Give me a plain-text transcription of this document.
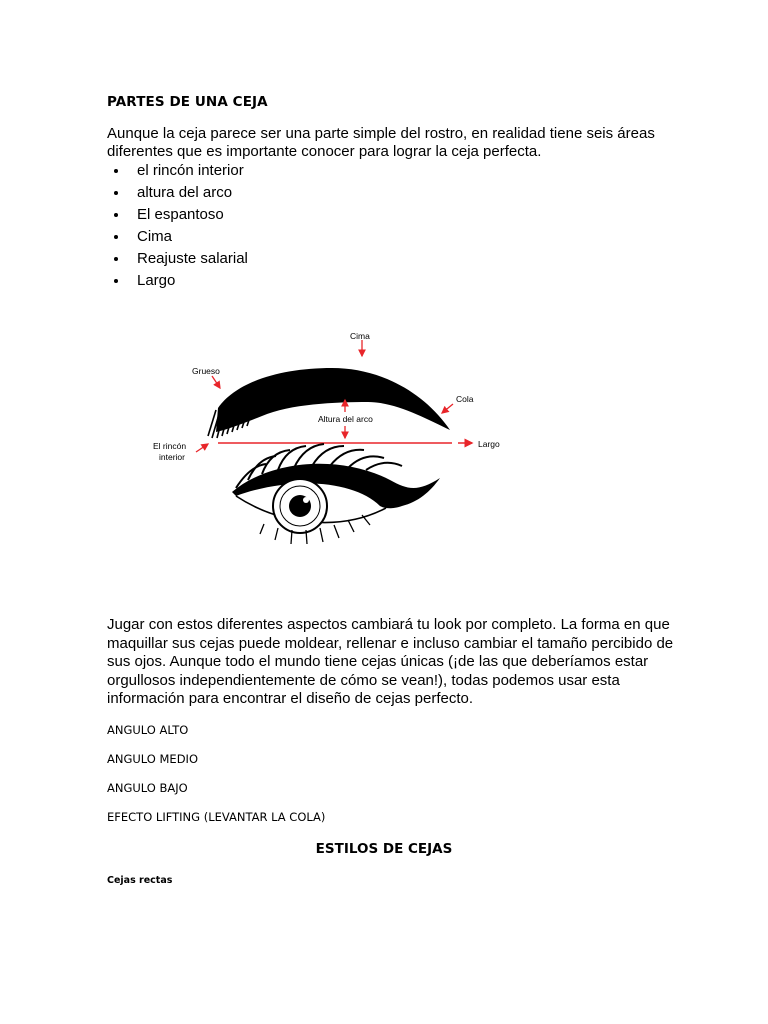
PARTES DE UNA CEJA
Aunque la ceja parece ser una parte simple del rostro, en realidad tiene seis áreas diferentes que es importante conocer para lograr la ceja perfecta.
el rincón interior
altura del arco
El espantoso
Cima
Reajuste salarial
Largo
Cima
Grueso
Cola
Altura del arco
El rincón
interior
Largo
Jugar con estos diferentes aspectos cambiará tu look por completo. La forma en que maquillar sus cejas puede moldear, rellenar e incluso cambiar el tamaño percibido de sus ojos. Aunque todo el mundo tiene cejas únicas (¡de las que deberíamos estar orgullosos independientemente de cómo se vean!), todas podemos usar esta información para encontrar el diseño de cejas perfecto.
ANGULO ALTO
ANGULO MEDIO
ANGULO BAJO
EFECTO LIFTING (LEVANTAR LA COLA)
ESTILOS DE CEJAS
Cejas rectas
